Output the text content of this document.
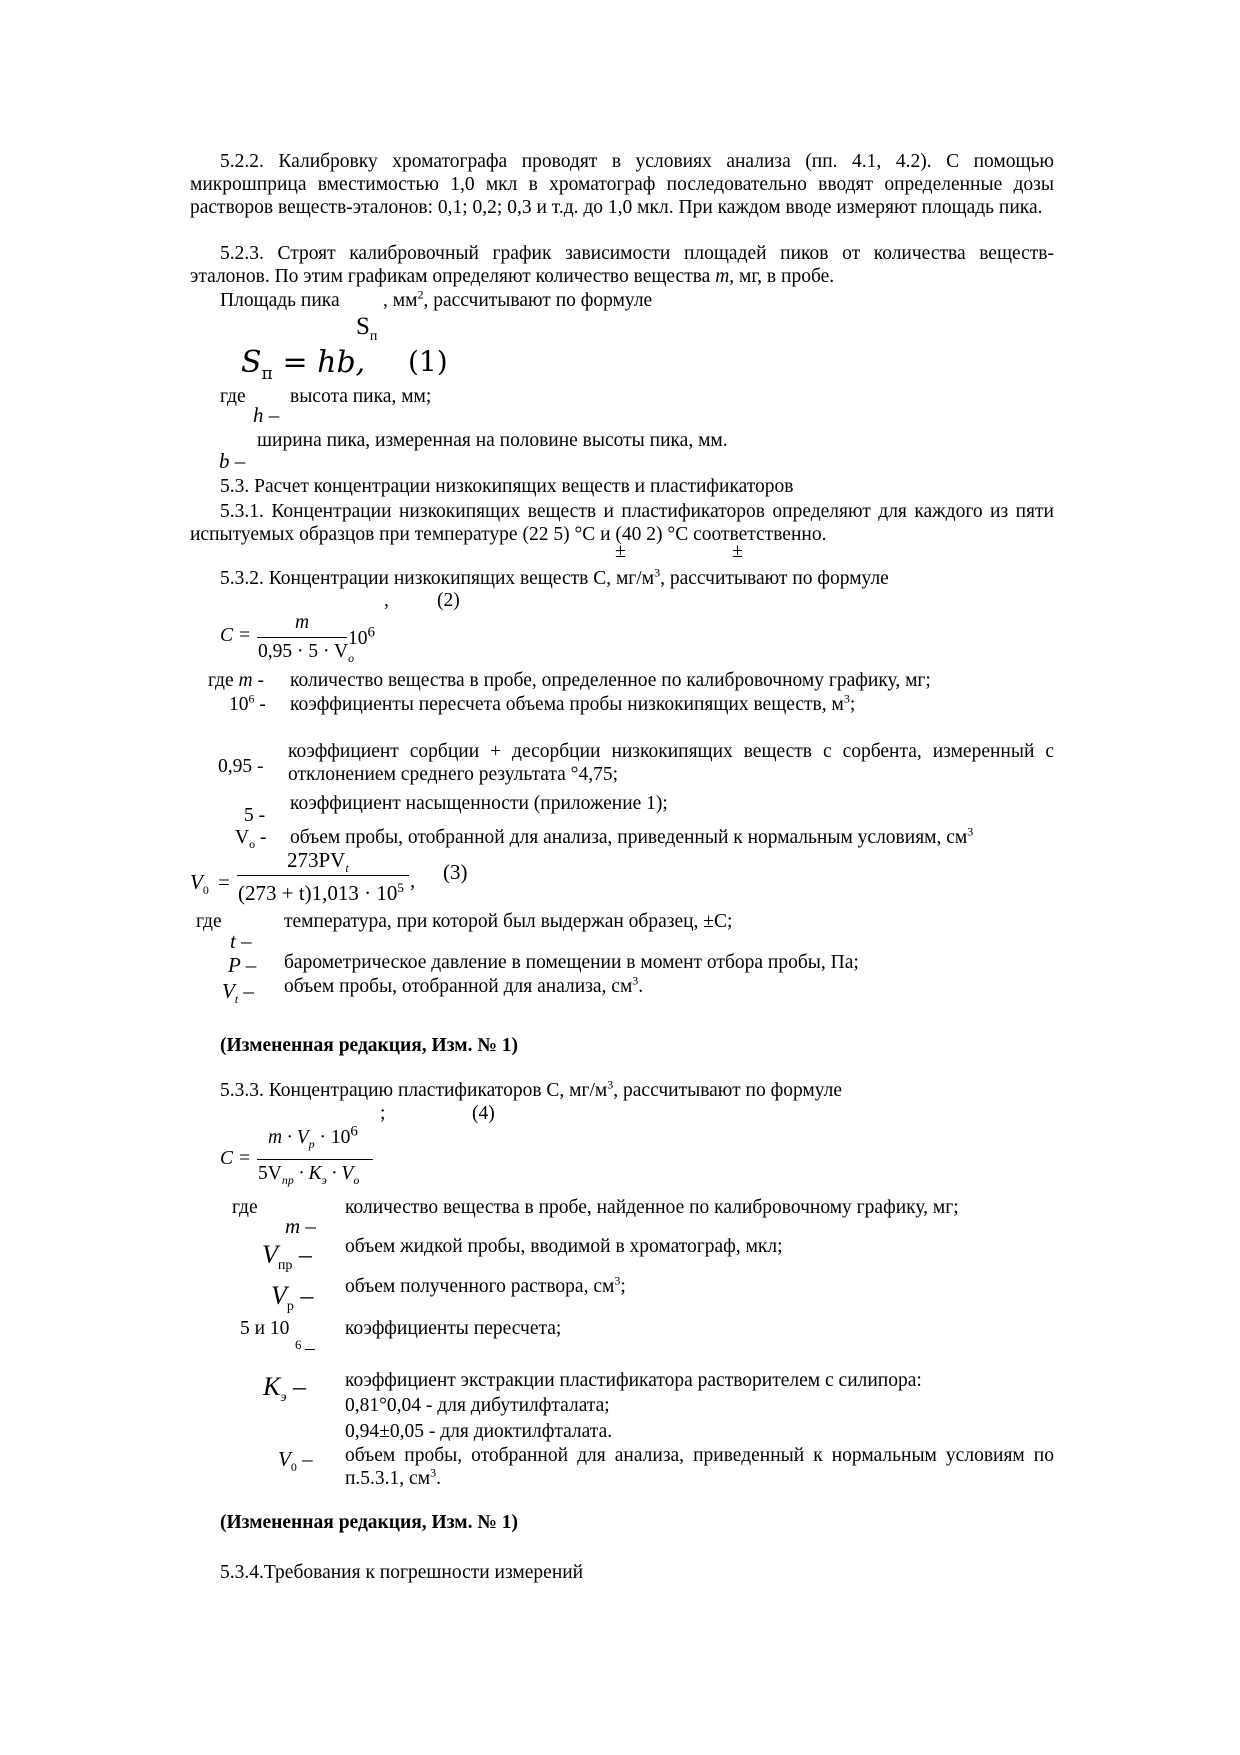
5.2.2. Калибровку хроматографа проводят в условиях анализа (пп. 4.1, 4.2). С помощью микрошприца вместимостью 1,0 мкл в хроматограф последовательно вводят определенные дозы растворов веществ-эталонов: 0,1; 0,2; 0,3 и т.д. до 1,0 мкл. При каждом вводе измеряют площадь пика.
5.2.3. Строят калибровочный график зависимости площадей пиков от количества веществ-эталонов. По этим графикам определяют количество вещества m, мг, в пробе.
Площадь пика , $мм^2$, рассчитывают по формуле
$S_п$
$S_п$ = hb, (1)
где
h –
высота пика, мм;
ширина пика, измеренная на половине высоты пика, мм.
b –
5.3. Расчет концентрации низкокипящих веществ и пластификаторов
5.3.1. Концентрации низкокипящих веществ и пластификаторов определяют для каждого из пяти испытуемых образцов при температуре (22 5) °С и (40 2) °С соответственно.
±	±
5.3.2. Концентрации низкокипящих веществ С, $мг/м^3$, рассчитывают по формуле
, (2)
C =
m
$0,95 \cdot 5 \cdot V_o$
$10^6$
где m - количество вещества в пробе, определенное по калибровочному графику, мг;
$10^6$ - коэффициенты пересчета объема пробы низкокипящих веществ, $м^3$;
0,95 -
коэффициент сорбции + десорбции низкокипящих веществ с сорбента, измеренный с отклонением среднего результата °4,75;
5 -
коэффициент насыщенности (приложение 1);
$V_o$ - объем пробы, отобранной для анализа, приведенный к нормальным условиям, $см^3$
$V_0$ =
$273PV_t$
$(273 + t)1,013 \cdot 10^5$ , (3)
где
t –
температура, при которой был выдержан образец, ±С;
P – барометрическое давление в помещении в момент отбора пробы, Па;
$V_t$ – объем пробы, отобранной для анализа, $см^3$.
(Измененная редакция, Изм. № 1)
5.3.3. Концентрацию пластификаторов С, $мг/м^3$, рассчитывают по формуле
;	(4)
C =
$m \cdot V_p \cdot 10^6$
$5V_{np} \cdot K_э \cdot V_o$
где
m –
количество вещества в пробе, найденное по калибровочному графику, мг;
$V_{пр}$ – объем жидкой пробы, вводимой в хроматограф, мкл;
$V_р$ – объем полученного раствора, $см^3$;
5 и 10
6 –
коэффициенты пересчета;
$K_э$ – коэффициент экстракции пластификатора растворителем с силипора:
0,81°0,04 - для дибутилфталата;
0,94±0,05 - для диоктилфталата.
$V_0$ – объем пробы, отобранной для анализа, приведенный к нормальным условиям по п.5.3.1, $см^3$.
(Измененная редакция, Изм. № 1)
5.3.4.Требования к погрешности измерений
